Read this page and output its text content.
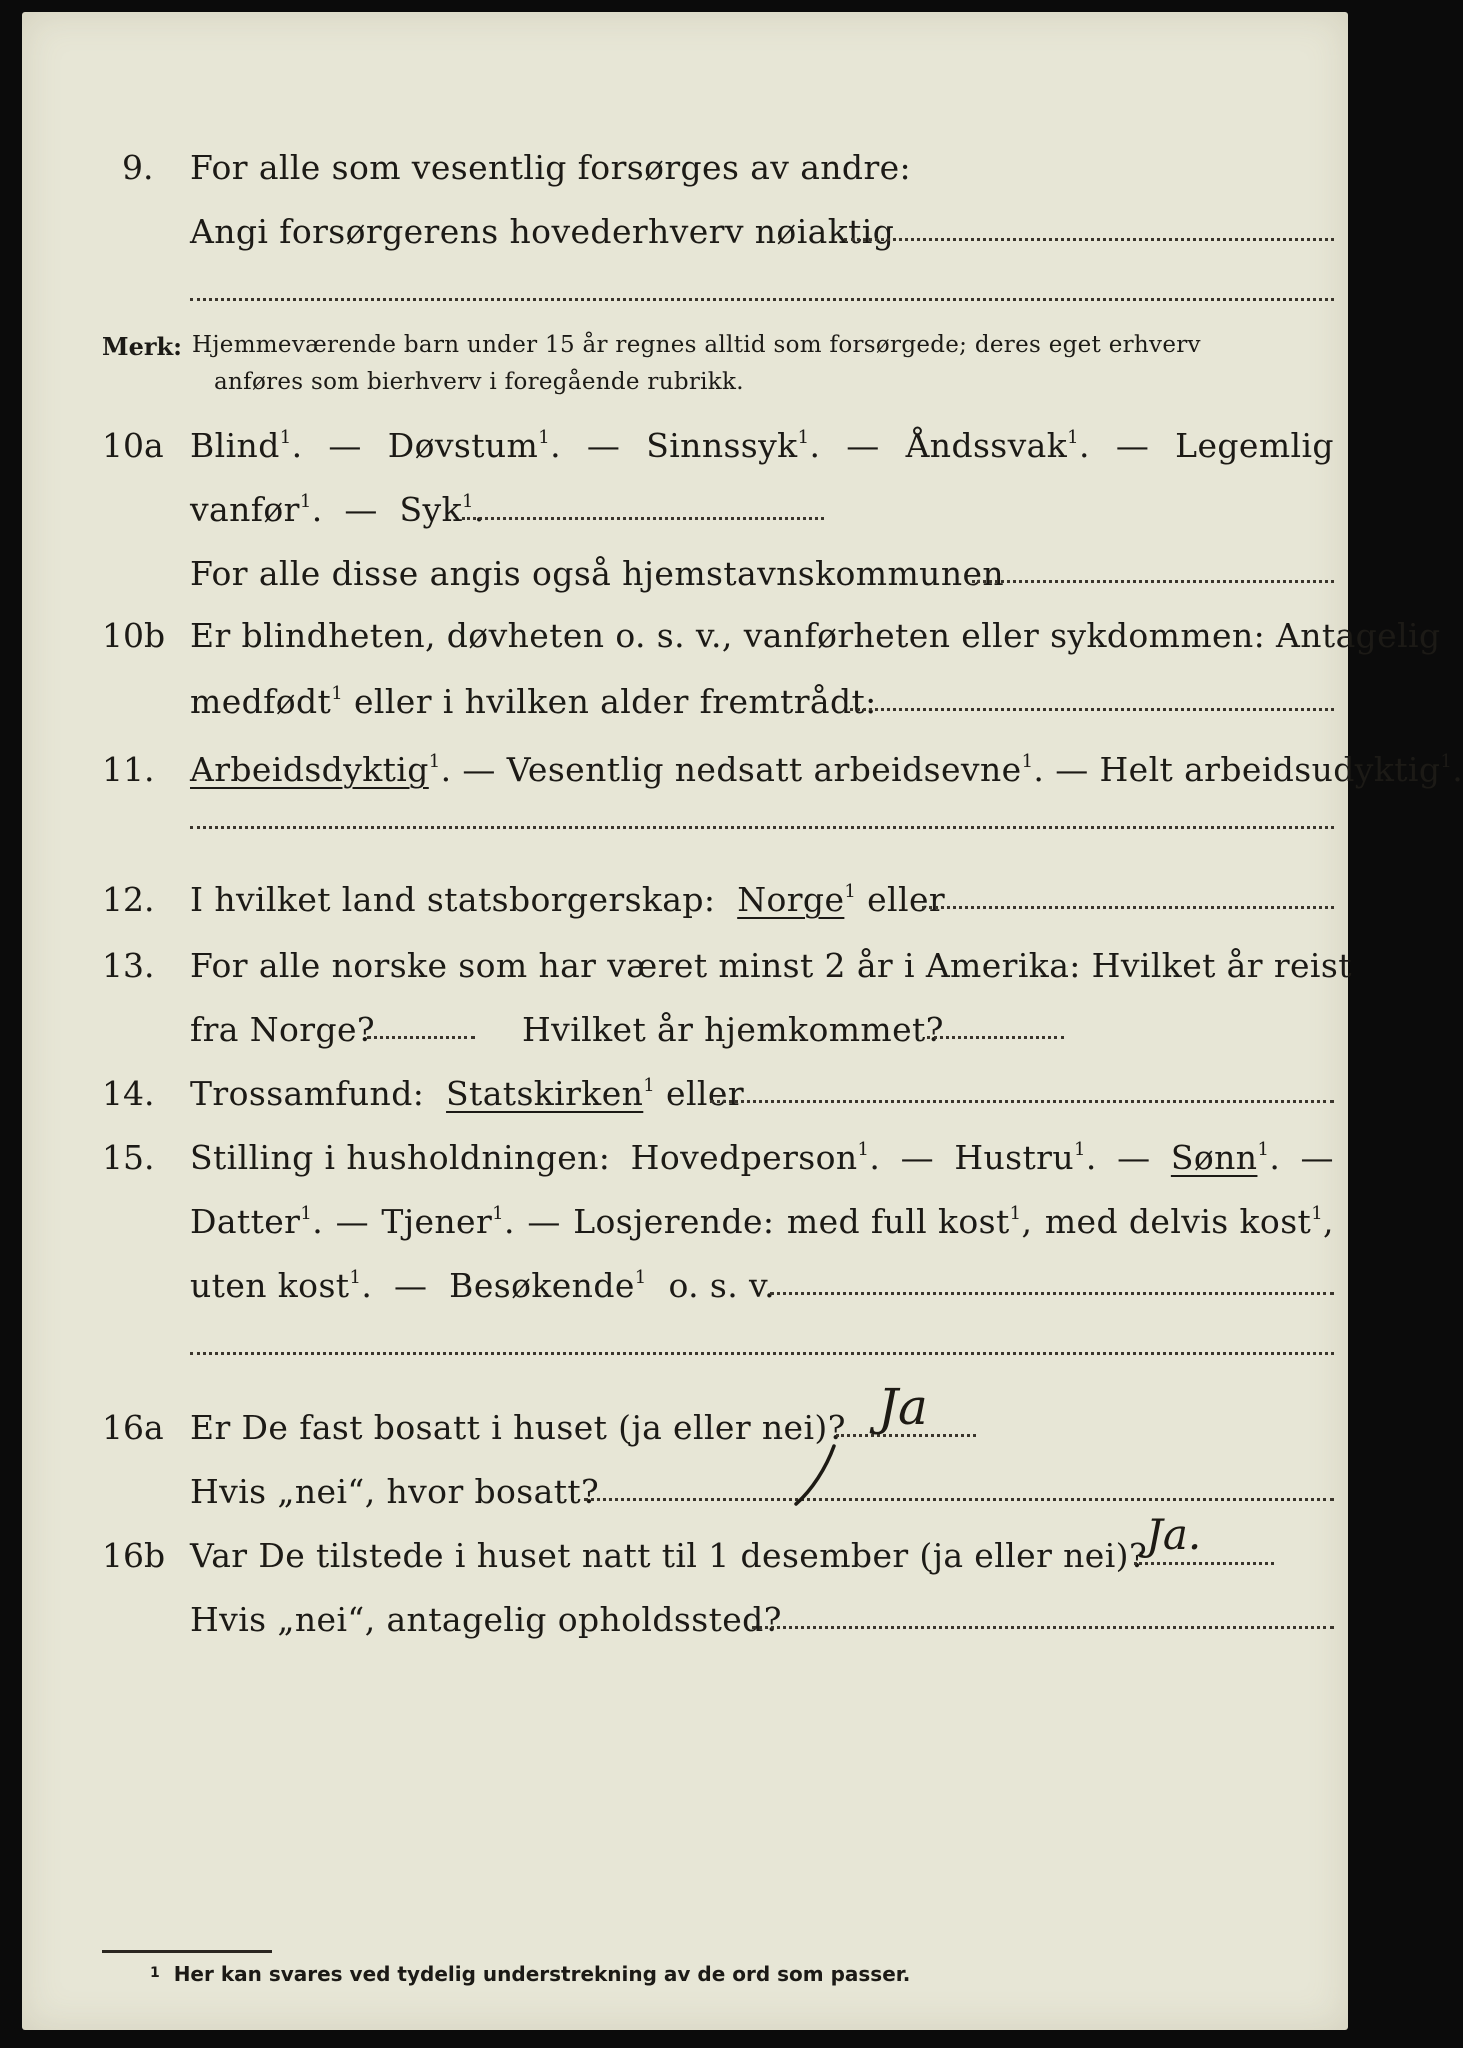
9. For alle som vesentlig forsørges av andre:
Angi forsørgerens hovederhverv nøiaktig
Merk: Hjemmeværende barn under 15 år regnes alltid som forsørgede; deres eget erhverv
anføres som bierhverv i foregående rubrikk.
10a Blind$^1$. — Døvstum$^1$. — Sinnssyk$^1$. — Åndssvak$^1$. — Legemlig
vanfør$^1$.  —  Syk$^1$.
For alle disse angis også hjemstavnskommunen
10b Er blindheten, døvheten o. s. v., vanførheten eller sykdommen: Antagelig
medfødt$^1$ eller i hvilken alder fremtrådt:
11. Arbeidsdyktig$^1$. — Vesentlig nedsatt arbeidsevne$^1$. — Helt arbeidsudyktig$^1$.
12. I hvilket land statsborgerskap: Norge$^1$ eller
13. For alle norske som har været minst 2 år i Amerika: Hvilket år reist
fra Norge?	Hvilket år hjemkommet?
14. Trossamfund: Statskirken$^1$ eller
15. Stilling i husholdningen: Hovedperson$^1$. — Hustru$^1$. — Sønn$^1$. —
Datter$^1$. — Tjener$^1$. — Losjerende: med full kost$^1$, med delvis kost$^1$,
uten kost$^1$.  —  Besøkende$^1$ o. s. v.
16a Er De fast bosatt i huset (ja eller nei)? Ja
Hvis „nei“, hvor bosatt?
16b Var De tilstede i huset natt til 1 desember (ja eller nei)?
Ja.
Hvis „nei“, antagelig opholdssted?
$^1$ Her kan svares ved tydelig understrekning av de ord som passer.
